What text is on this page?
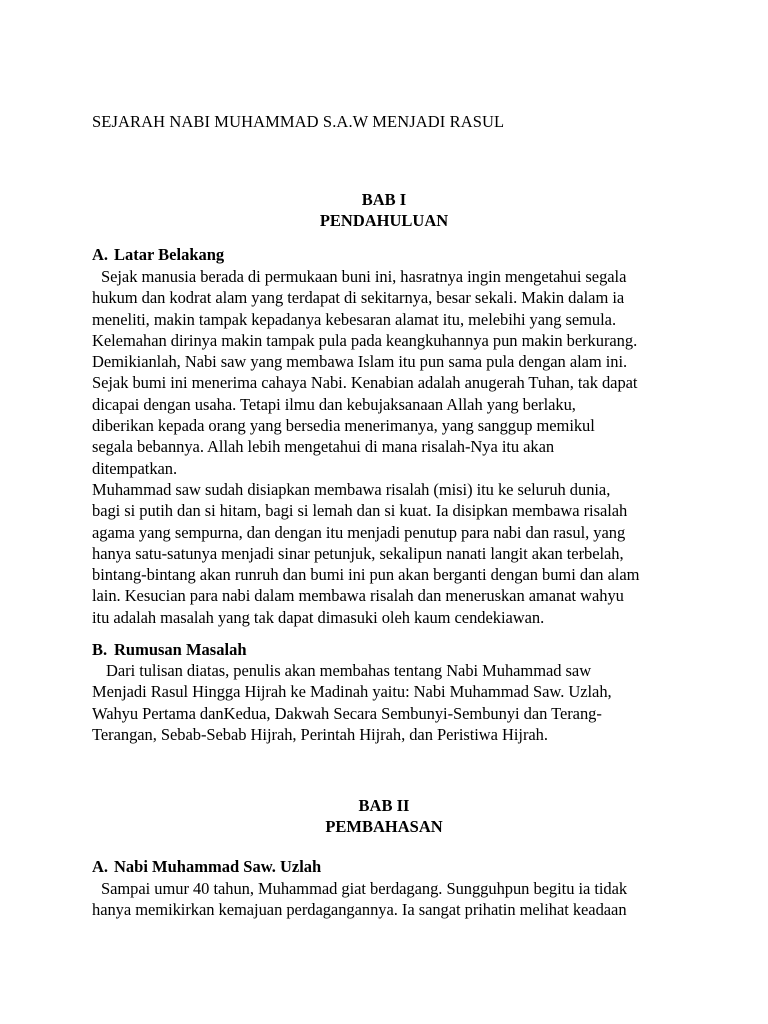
SEJARAH NABI MUHAMMAD S.A.W MENJADI RASUL
BAB I
PENDAHULUAN
A. Latar Belakang
Sejak manusia berada di permukaan buni ini, hasratnya ingin mengetahui segala
hukum dan kodrat alam yang terdapat di sekitarnya, besar sekali. Makin dalam ia
meneliti, makin tampak kepadanya kebesaran alamat itu, melebihi yang semula.
Kelemahan dirinya makin tampak pula pada keangkuhannya pun makin berkurang.
Demikianlah, Nabi saw yang membawa Islam itu pun sama pula dengan alam ini.
Sejak bumi ini menerima cahaya Nabi. Kenabian adalah anugerah Tuhan, tak dapat
dicapai dengan usaha. Tetapi ilmu dan kebujaksanaan Allah yang berlaku,
diberikan kepada orang yang bersedia menerimanya, yang sanggup memikul
segala bebannya. Allah lebih mengetahui di mana risalah-Nya itu akan
ditempatkan.
Muhammad saw sudah disiapkan membawa risalah (misi) itu ke seluruh dunia,
bagi si putih dan si hitam, bagi si lemah dan si kuat. Ia disipkan membawa risalah
agama yang sempurna, dan dengan itu menjadi penutup para nabi dan rasul, yang
hanya satu-satunya menjadi sinar petunjuk, sekalipun nanati langit akan terbelah,
bintang-bintang akan runruh dan bumi ini pun akan berganti dengan bumi dan alam
lain. Kesucian para nabi dalam membawa risalah dan meneruskan amanat wahyu
itu adalah masalah yang tak dapat dimasuki oleh kaum cendekiawan.
B. Rumusan Masalah
Dari tulisan diatas, penulis akan membahas tentang Nabi Muhammad saw
Menjadi Rasul Hingga Hijrah ke Madinah yaitu: Nabi Muhammad Saw. Uzlah,
Wahyu Pertama danKedua, Dakwah Secara Sembunyi-Sembunyi dan Terang-
Terangan, Sebab-Sebab Hijrah, Perintah Hijrah, dan Peristiwa Hijrah.
BAB II
PEMBAHASAN
A. Nabi Muhammad Saw. Uzlah
Sampai umur 40 tahun, Muhammad giat berdagang. Sungguhpun begitu ia tidak
hanya memikirkan kemajuan perdagangannya. Ia sangat prihatin melihat keadaan
